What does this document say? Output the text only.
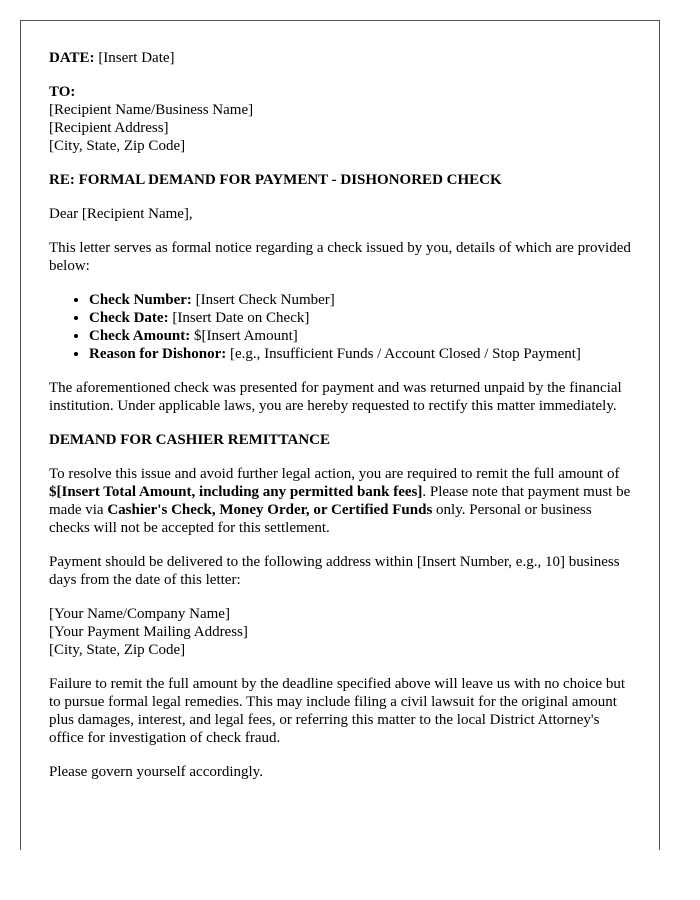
DATE: [Insert Date]

TO:
[Recipient Name/Business Name]
[Recipient Address]
[City, State, Zip Code]

RE: FORMAL DEMAND FOR PAYMENT - DISHONORED CHECK

Dear [Recipient Name],

This letter serves as formal notice regarding a check issued by you, details of which are provided below:

• Check Number: [Insert Check Number]
• Check Date: [Insert Date on Check]
• Check Amount: $[Insert Amount]
• Reason for Dishonor: [e.g., Insufficient Funds / Account Closed / Stop Payment]

The aforementioned check was presented for payment and was returned unpaid by the financial institution. Under applicable laws, you are hereby requested to rectify this matter immediately.

DEMAND FOR CASHIER REMITTANCE

To resolve this issue and avoid further legal action, you are required to remit the full amount of $[Insert Total Amount, including any permitted bank fees]. Please note that payment must be made via Cashier's Check, Money Order, or Certified Funds only. Personal or business checks will not be accepted for this settlement.

Payment should be delivered to the following address within [Insert Number, e.g., 10] business days from the date of this letter:

[Your Name/Company Name]
[Your Payment Mailing Address]
[City, State, Zip Code]

Failure to remit the full amount by the deadline specified above will leave us with no choice but to pursue formal legal remedies. This may include filing a civil lawsuit for the original amount plus damages, interest, and legal fees, or referring this matter to the local District Attorney's office for investigation of check fraud.

Please govern yourself accordingly.
